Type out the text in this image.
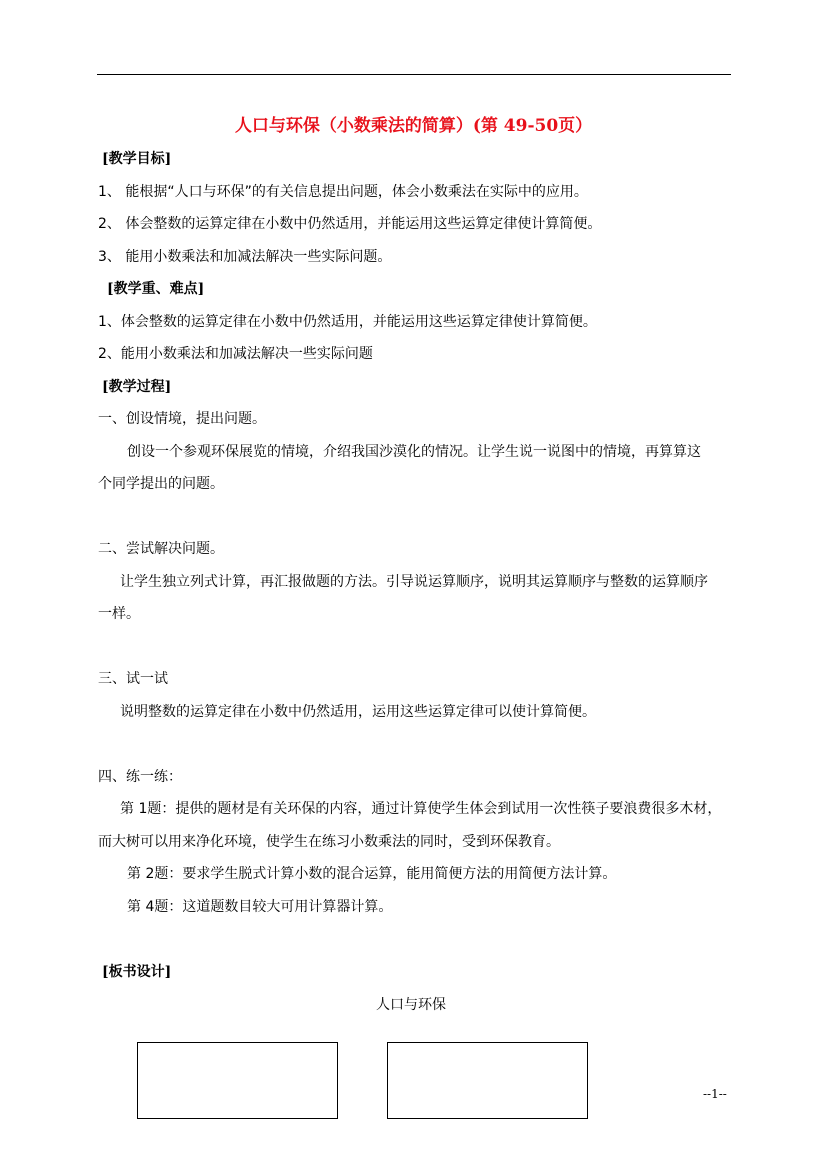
人口与环保（小数乘法的简算）(第 49-50页）
[教学目标]
1、 能根据“人口与环保”的有关信息提出问题，体会小数乘法在实际中的应用。
2、 体会整数的运算定律在小数中仍然适用，并能运用这些运算定律使计算简便。
3、 能用小数乘法和加减法解决一些实际问题。
[教学重、难点]
1、体会整数的运算定律在小数中仍然适用，并能运用这些运算定律使计算简便。
2、能用小数乘法和加减法解决一些实际问题
[教学过程]
一、创设情境，提出问题。
创设一个参观环保展览的情境，介绍我国沙漠化的情况。让学生说一说图中的情境，再算算这
个同学提出的问题。
二、尝试解决问题。
让学生独立列式计算，再汇报做题的方法。引导说运算顺序，说明其运算顺序与整数的运算顺序
一样。
三、试一试
说明整数的运算定律在小数中仍然适用，运用这些运算定律可以使计算简便。
四、练一练：
第 1题：提供的题材是有关环保的内容，通过计算使学生体会到试用一次性筷子要浪费很多木材，
而大树可以用来净化环境，使学生在练习小数乘法的同时，受到环保教育。
第 2题：要求学生脱式计算小数的混合运算，能用简便方法的用简便方法计算。
第 4题：这道题数目较大可用计算器计算。
[板书设计]
人口与环保
--1--
